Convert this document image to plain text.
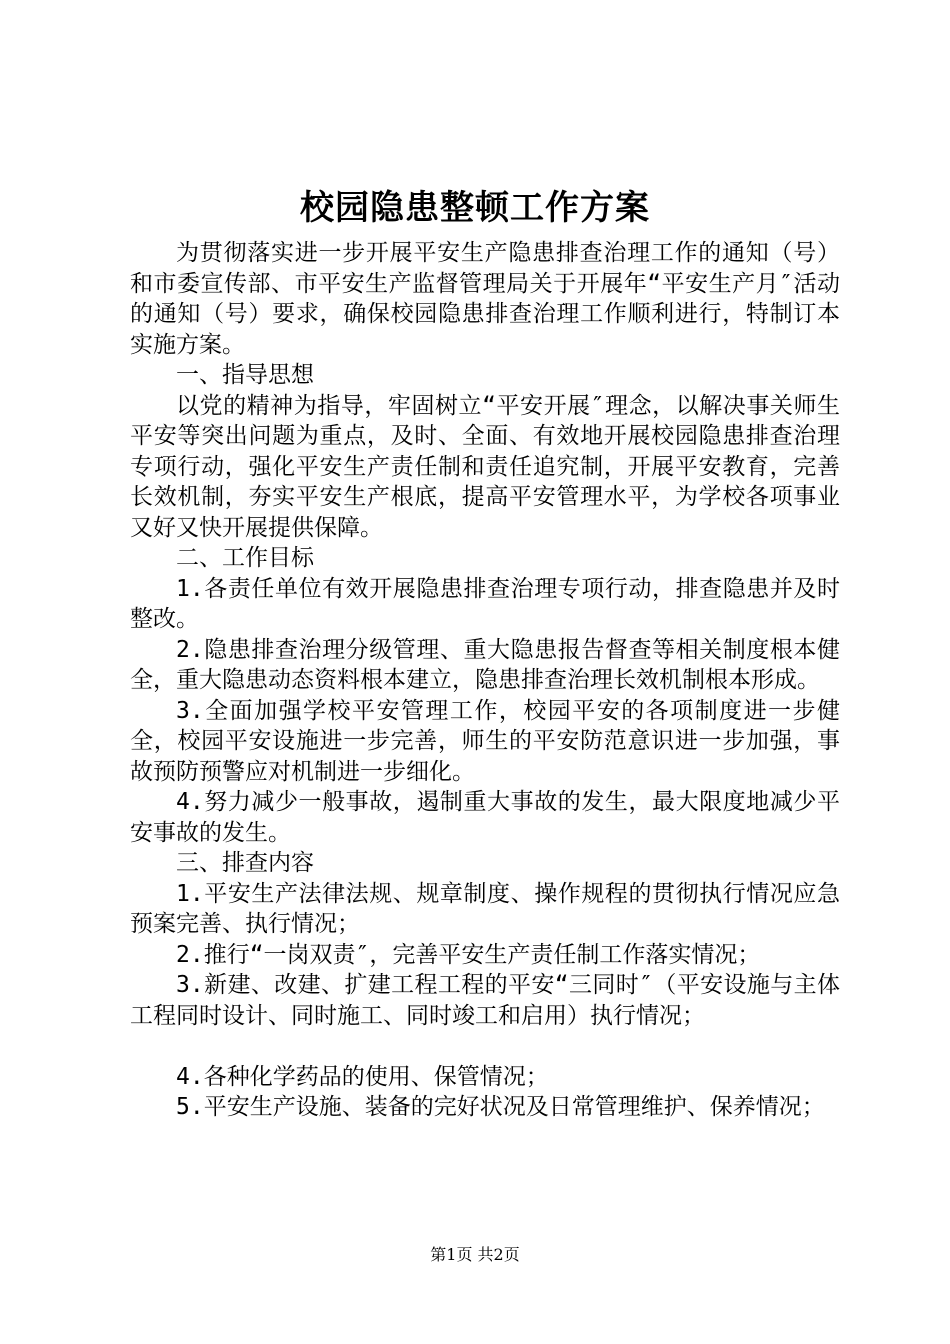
校园隐患整顿工作方案

为贯彻落实进一步开展平安生产隐患排查治理工作的通知（号）和市委宣传部、市平安生产监督管理局关于开展年“平安生产月″活动的通知（号）要求，确保校园隐患排查治理工作顺利进行，特制订本实施方案。

一、指导思想

以党的精神为指导，牢固树立“平安开展″理念，以解决事关师生平安等突出问题为重点，及时、全面、有效地开展校园隐患排查治理专项行动，强化平安生产责任制和责任追究制，开展平安教育，完善长效机制，夯实平安生产根底，提高平安管理水平，为学校各项事业又好又快开展提供保障。

二、工作目标

1.各责任单位有效开展隐患排查治理专项行动，排查隐患并及时整改。

2.隐患排查治理分级管理、重大隐患报告督查等相关制度根本健全，重大隐患动态资料根本建立，隐患排查治理长效机制根本形成。

3.全面加强学校平安管理工作，校园平安的各项制度进一步健全，校园平安设施进一步完善，师生的平安防范意识进一步加强，事故预防预警应对机制进一步细化。

4.努力减少一般事故，遏制重大事故的发生，最大限度地减少平安事故的发生。

三、排查内容

1.平安生产法律法规、规章制度、操作规程的贯彻执行情况应急预案完善、执行情况；

2.推行“一岗双责″，完善平安生产责任制工作落实情况；

3.新建、改建、扩建工程工程的平安“三同时″（平安设施与主体工程同时设计、同时施工、同时竣工和启用）执行情况；

4.各种化学药品的使用、保管情况；

5.平安生产设施、装备的完好状况及日常管理维护、保养情况；

第1页 共2页
